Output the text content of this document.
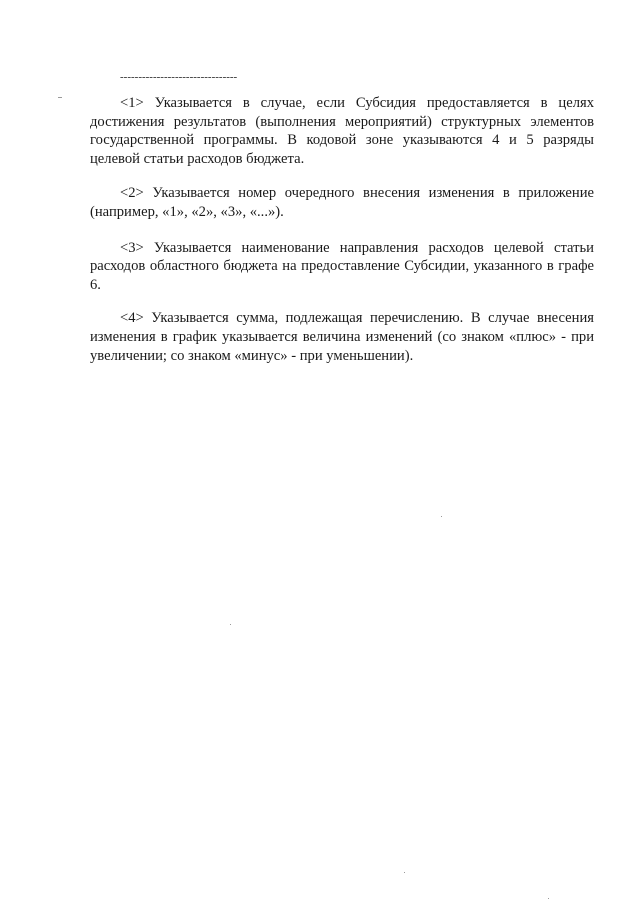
--------------------------------

<1> Указывается в случае, если Субсидия предоставляется в целях достижения результатов (выполнения мероприятий) структурных элементов государственной программы. В кодовой зоне указываются 4 и 5 разряды целевой статьи расходов бюджета.

<2> Указывается номер очередного внесения изменения в приложение (например, «1», «2», «3», «...»).

<3> Указывается наименование направления расходов целевой статьи расходов областного бюджета на предоставление Субсидии, указанного в графе 6.

<4> Указывается сумма, подлежащая перечислению. В случае внесения изменения в график указывается величина изменений (со знаком «плюс» - при увеличении; со знаком «минус» - при уменьшении).
